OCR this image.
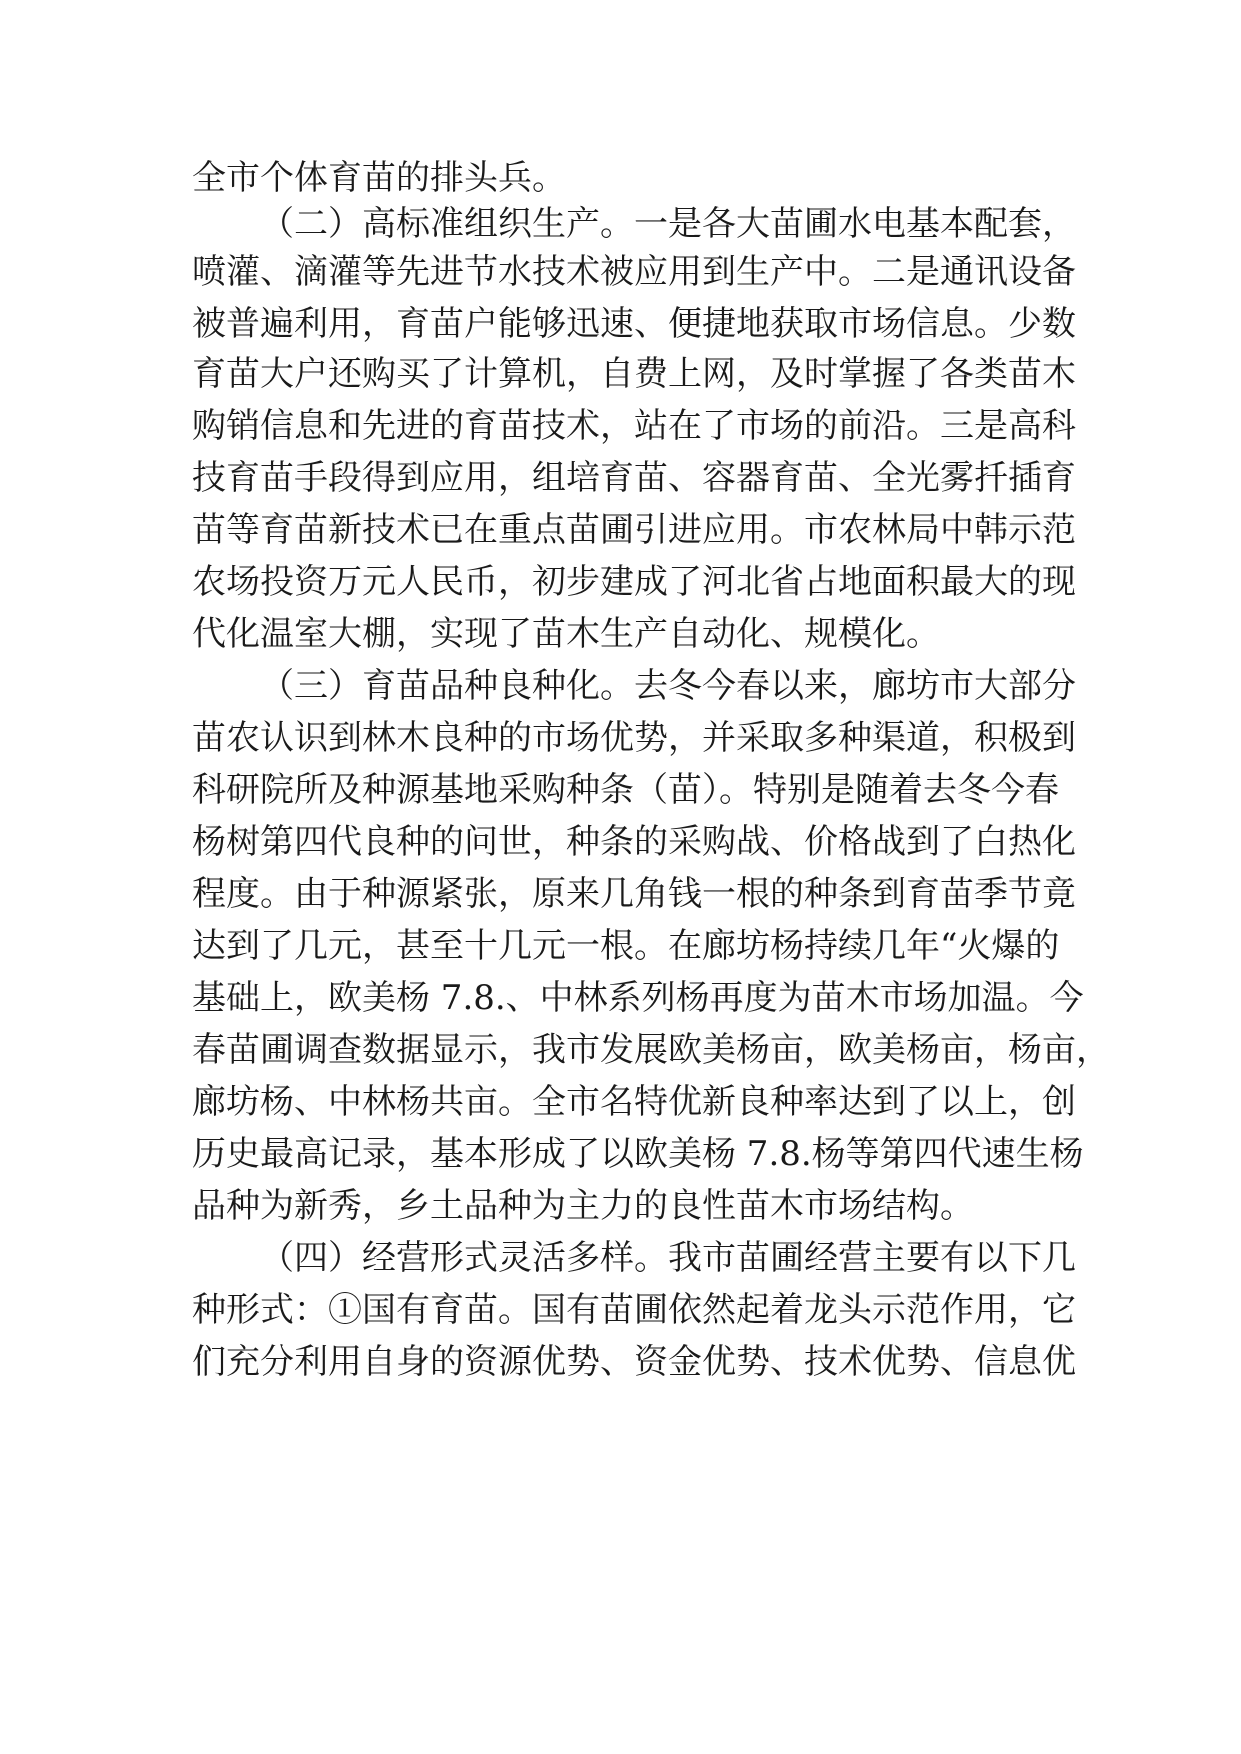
全市个体育苗的排头兵。
（二）高标准组织生产。一是各大苗圃水电基本配套，
喷灌、滴灌等先进节水技术被应用到生产中。二是通讯设备
被普遍利用，育苗户能够迅速、便捷地获取市场信息。少数
育苗大户还购买了计算机，自费上网，及时掌握了各类苗木
购销信息和先进的育苗技术，站在了市场的前沿。三是高科
技育苗手段得到应用，组培育苗、容器育苗、全光雾扦插育
苗等育苗新技术已在重点苗圃引进应用。市农林局中韩示范
农场投资万元人民币，初步建成了河北省占地面积最大的现
代化温室大棚，实现了苗木生产自动化、规模化。
（三）育苗品种良种化。去冬今春以来，廊坊市大部分
苗农认识到林木良种的市场优势，并采取多种渠道，积极到
科研院所及种源基地采购种条（苗）。特别是随着去冬今春
杨树第四代良种的问世，种条的采购战、价格战到了白热化
程度。由于种源紧张，原来几角钱一根的种条到育苗季节竟
达到了几元，甚至十几元一根。在廊坊杨持续几年“火爆的
基础上，欧美杨 7.8.、中林系列杨再度为苗木市场加温。今
春苗圃调查数据显示，我市发展欧美杨亩，欧美杨亩，杨亩，
廊坊杨、中林杨共亩。全市名特优新良种率达到了以上，创
历史最高记录，基本形成了以欧美杨 7.8.杨等第四代速生杨
品种为新秀，乡土品种为主力的良性苗木市场结构。
（四）经营形式灵活多样。我市苗圃经营主要有以下几
种形式：①国有育苗。国有苗圃依然起着龙头示范作用，它
们充分利用自身的资源优势、资金优势、技术优势、信息优
